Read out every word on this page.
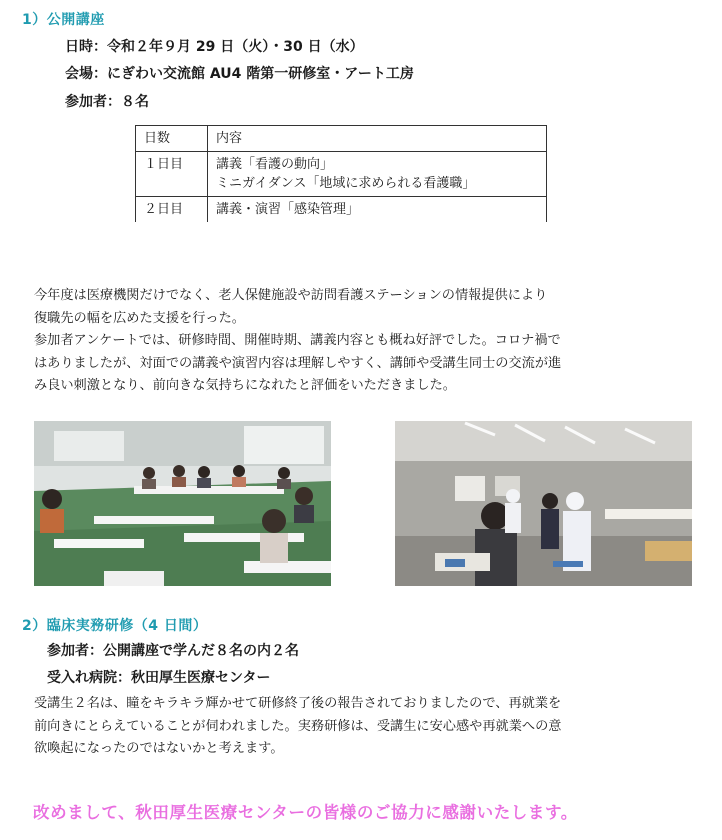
1）公開講座
日時：令和２年９月 29 日（火）・30 日（水）
会場：にぎわい交流館 AU4 階第一研修室・アート工房
参加者：８名
日数	内容
１日目	講義「看護の動向」
ミニガイダンス「地域に求められる看護職」

２日目	講義・演習「感染管理」

今年度は医療機関だけでなく、老人保健施設や訪問看護ステーションの情報提供により

復職先の幅を広めた支援を行った。

参加者アンケートでは、研修時間、開催時期、講義内容とも概ね好評でした。コロナ禍で

はありましたが、対面での講義や演習内容は理解しやすく、講師や受講生同士の交流が進

み良い刺激となり、前向きな気持ちになれたと評価をいただきました。

2）臨床実務研修（4 日間）
参加者：公開講座で学んだ８名の内２名
受入れ病院：秋田厚生医療センター

受講生２名は、瞳をキラキラ輝かせて研修終了後の報告されておりましたので、再就業を

前向きにとらえていることが伺われました。実務研修は、受講生に安心感や再就業への意

欲喚起になったのではないかと考えます。

改めまして、秋田厚生医療センターの皆様のご協力に感謝いたします。
